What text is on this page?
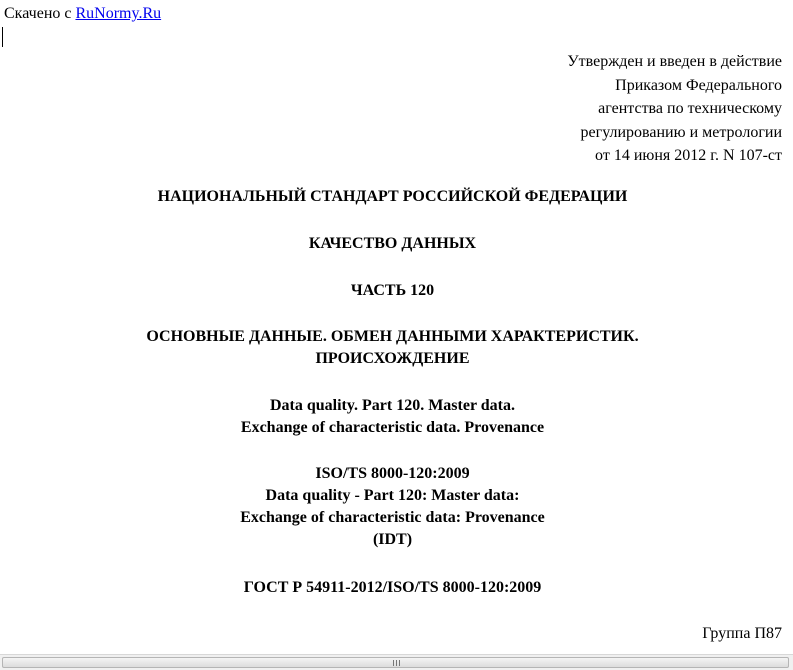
Скачено с RuNormy.Ru
Утвержден и введен в действие
Приказом Федерального
агентства по техническому
регулированию и метрологии
от 14 июня 2012 г. N 107-ст
НАЦИОНАЛЬНЫЙ СТАНДАРТ РОССИЙСКОЙ ФЕДЕРАЦИИ
КАЧЕСТВО ДАННЫХ
ЧАСТЬ 120
ОСНОВНЫЕ ДАННЫЕ. ОБМЕН ДАННЫМИ ХАРАКТЕРИСТИК.
ПРОИСХОЖДЕНИЕ
Data quality. Part 120. Master data.
Exchange of characteristic data. Provenance
ISO/TS 8000-120:2009
Data quality - Part 120: Master data:
Exchange of characteristic data: Provenance
(IDT)
ГОСТ Р 54911-2012/ISO/TS 8000-120:2009
Группа П87
